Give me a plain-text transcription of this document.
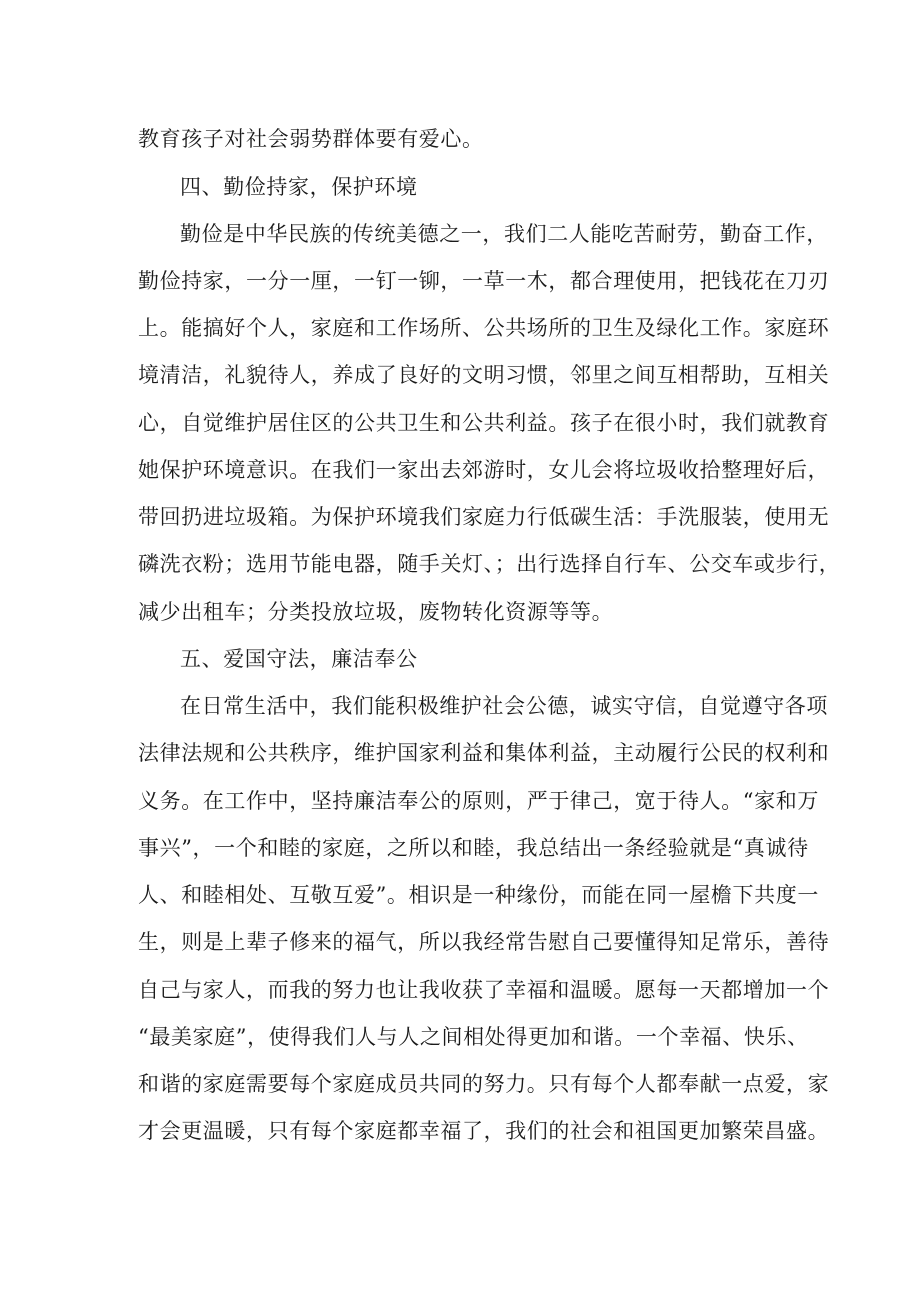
教育孩子对社会弱势群体要有爱心。
四、勤俭持家，保护环境
勤俭是中华民族的传统美德之一，我们二人能吃苦耐劳，勤奋工作，
勤俭持家，一分一厘，一钉一铆，一草一木，都合理使用，把钱花在刀刃
上。能搞好个人，家庭和工作场所、公共场所的卫生及绿化工作。家庭环
境清洁，礼貌待人，养成了良好的文明习惯，邻里之间互相帮助，互相关
心，自觉维护居住区的公共卫生和公共利益。孩子在很小时，我们就教育
她保护环境意识。在我们一家出去郊游时，女儿会将垃圾收拾整理好后，
带回扔进垃圾箱。为保护环境我们家庭力行低碳生活：手洗服装，使用无
磷洗衣粉；选用节能电器，随手关灯、；出行选择自行车、公交车或步行，
减少出租车；分类投放垃圾，废物转化资源等等。
五、爱国守法，廉洁奉公
在日常生活中，我们能积极维护社会公德，诚实守信，自觉遵守各项
法律法规和公共秩序，维护国家利益和集体利益，主动履行公民的权利和
义务。在工作中，坚持廉洁奉公的原则，严于律己，宽于待人。“家和万
事兴”，一个和睦的家庭，之所以和睦，我总结出一条经验就是“真诚待
人、和睦相处、互敬互爱”。相识是一种缘份，而能在同一屋檐下共度一
生，则是上辈子修来的福气，所以我经常告慰自己要懂得知足常乐，善待
自己与家人，而我的努力也让我收获了幸福和温暖。愿每一天都增加一个
“最美家庭”，使得我们人与人之间相处得更加和谐。一个幸福、快乐、
和谐的家庭需要每个家庭成员共同的努力。只有每个人都奉献一点爱，家
才会更温暖，只有每个家庭都幸福了，我们的社会和祖国更加繁荣昌盛。
